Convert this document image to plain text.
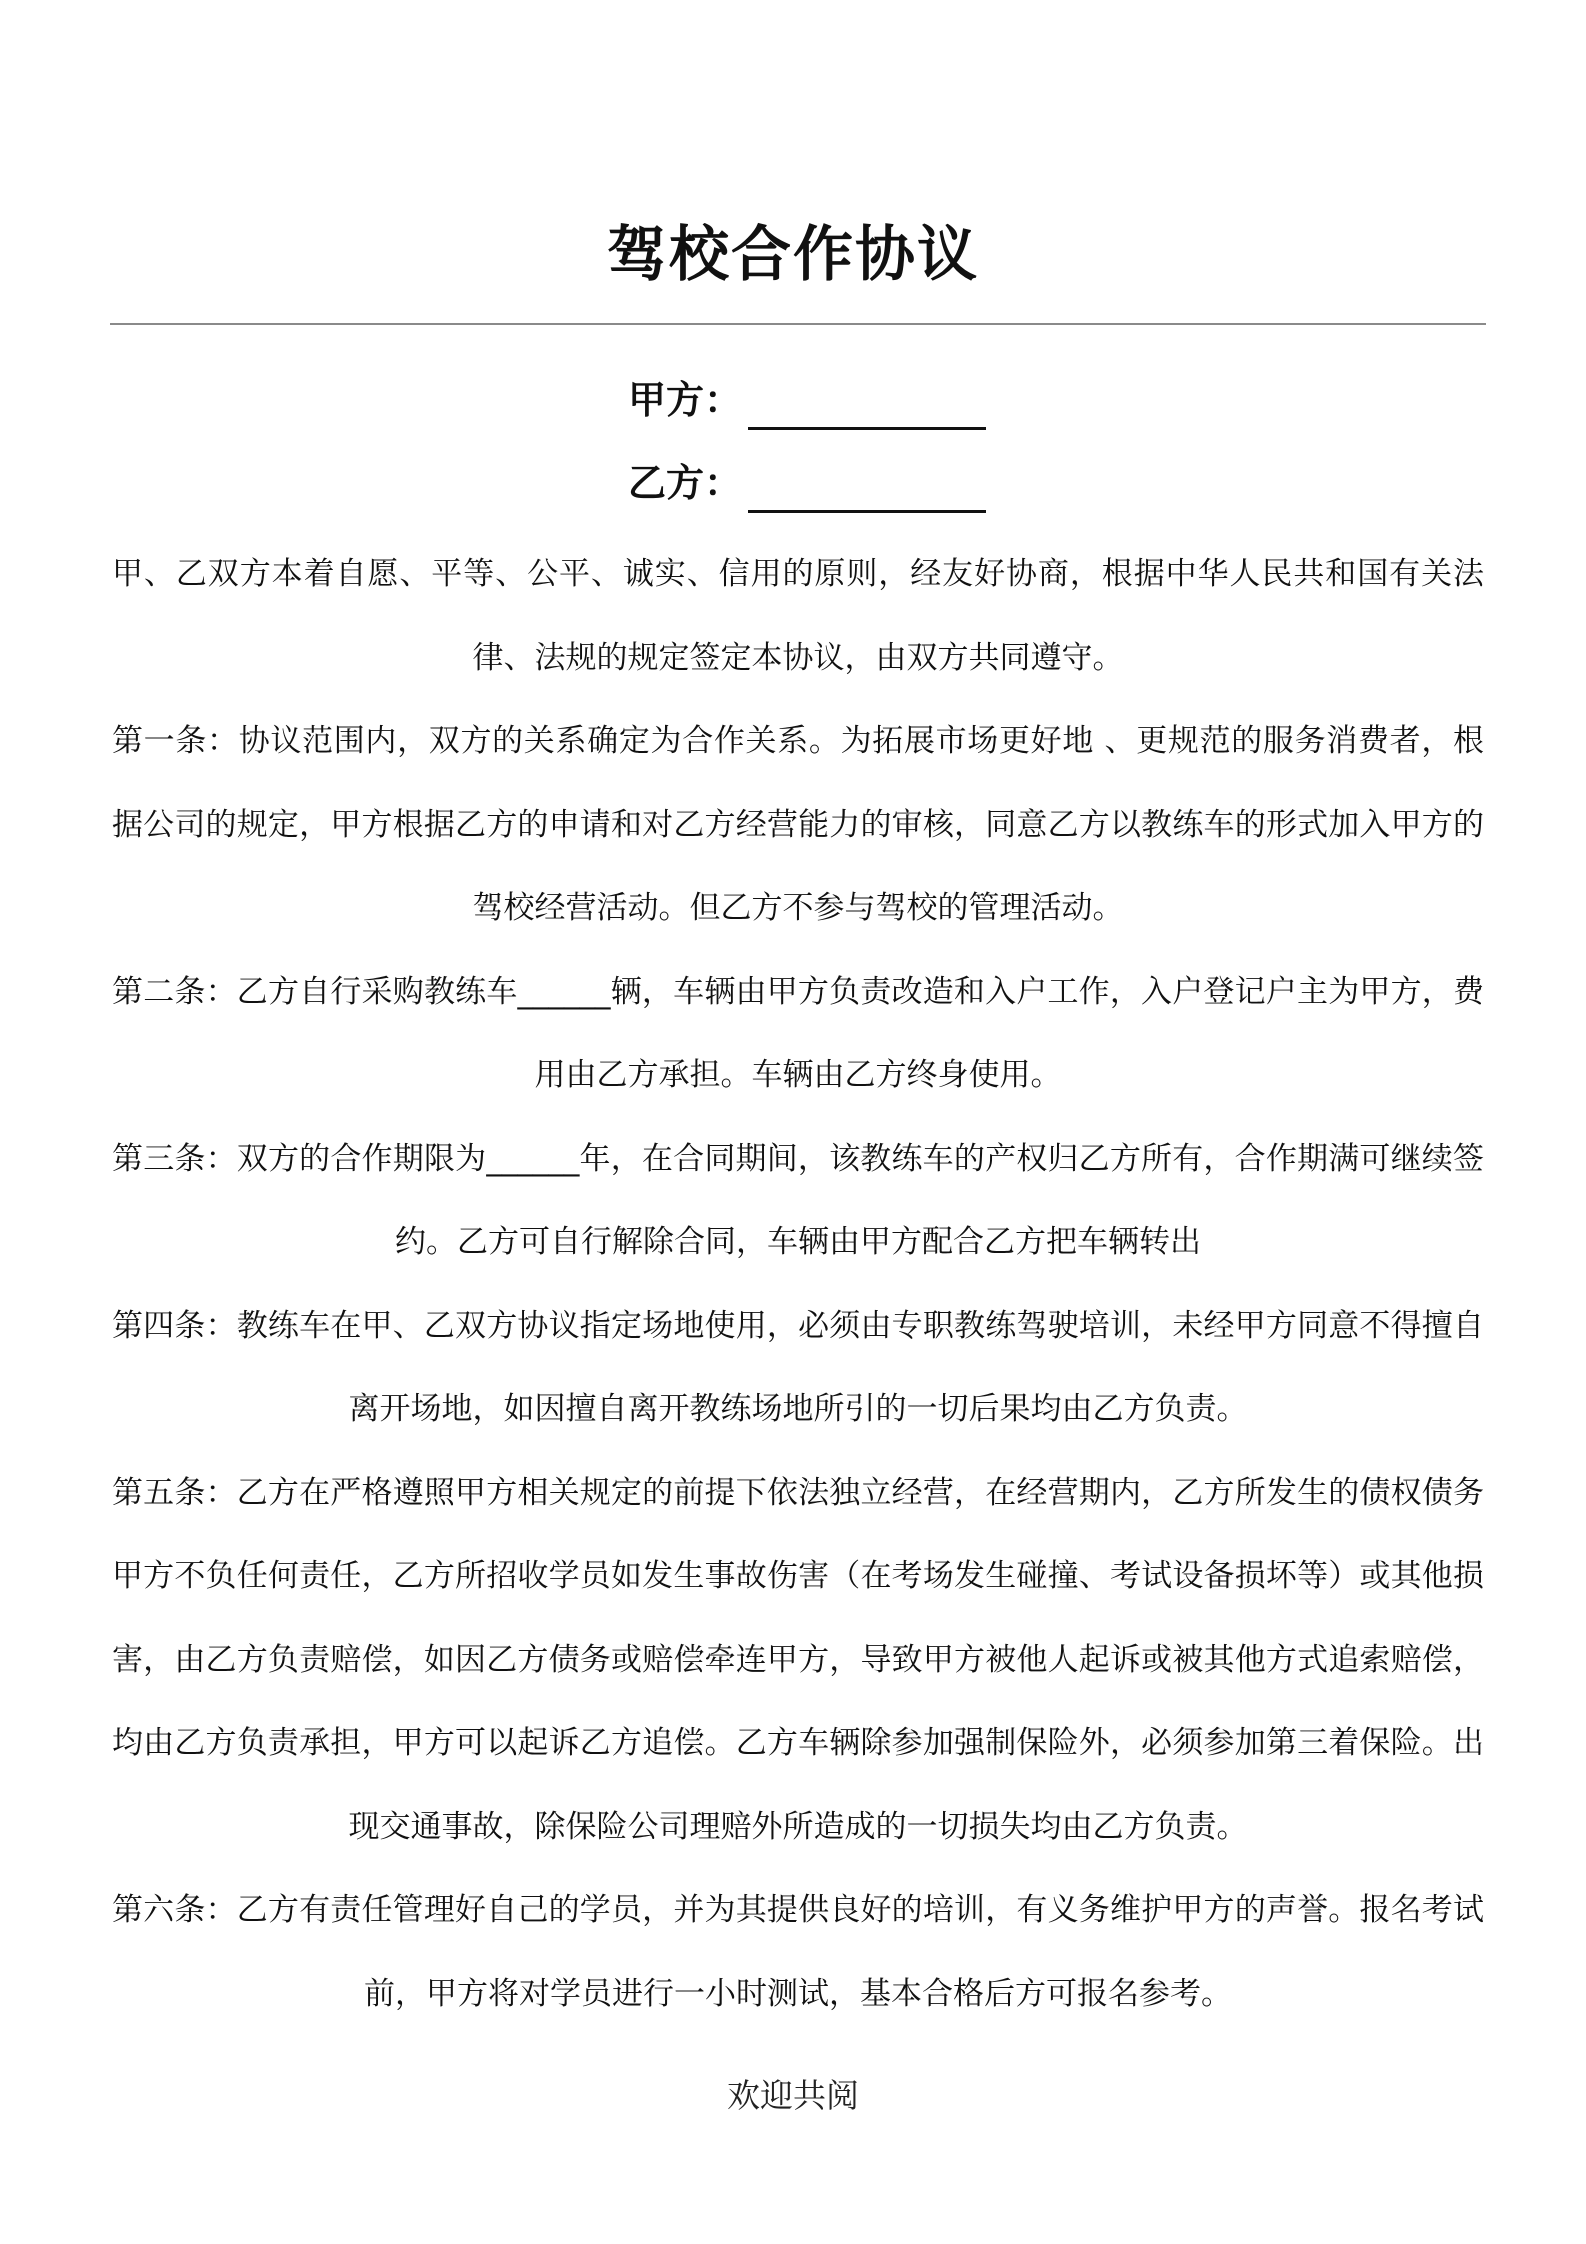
驾校合作协议
甲方：
乙方：

甲、乙双方本着自愿、平等、公平、诚实、信用的原则，经友好协商，根据中华人民共和国有关法律、法规的规定签定本协议，由双方共同遵守。

第一条：协议范围内，双方的关系确定为合作关系。为拓展市场更好地 、更规范的服务消费者，根据公司的规定，甲方根据乙方的申请和对乙方经营能力的审核，同意乙方以教练车的形式加入甲方的驾校经营活动。但乙方不参与驾校的管理活动。

第二条：乙方自行采购教练车______辆，车辆由甲方负责改造和入户工作，入户登记户主为甲方，费用由乙方承担。车辆由乙方终身使用。

第三条：双方的合作期限为______年，在合同期间，该教练车的产权归乙方所有，合作期满可继续签约。乙方可自行解除合同，车辆由甲方配合乙方把车辆转出

第四条：教练车在甲、乙双方协议指定场地使用，必须由专职教练驾驶培训，未经甲方同意不得擅自离开场地，如因擅自离开教练场地所引的一切后果均由乙方负责。

第五条：乙方在严格遵照甲方相关规定的前提下依法独立经营，在经营期内，乙方所发生的债权债务甲方不负任何责任，乙方所招收学员如发生事故伤害（在考场发生碰撞、考试设备损坏等）或其他损害，由乙方负责赔偿，如因乙方债务或赔偿牵连甲方，导致甲方被他人起诉或被其他方式追索赔偿，均由乙方负责承担，甲方可以起诉乙方追偿。乙方车辆除参加强制保险外，必须参加第三着保险。出现交通事故，除保险公司理赔外所造成的一切损失均由乙方负责。

第六条：乙方有责任管理好自己的学员，并为其提供良好的培训，有义务维护甲方的声誉。报名考试前，甲方将对学员进行一小时测试，基本合格后方可报名参考。

欢迎共阅
